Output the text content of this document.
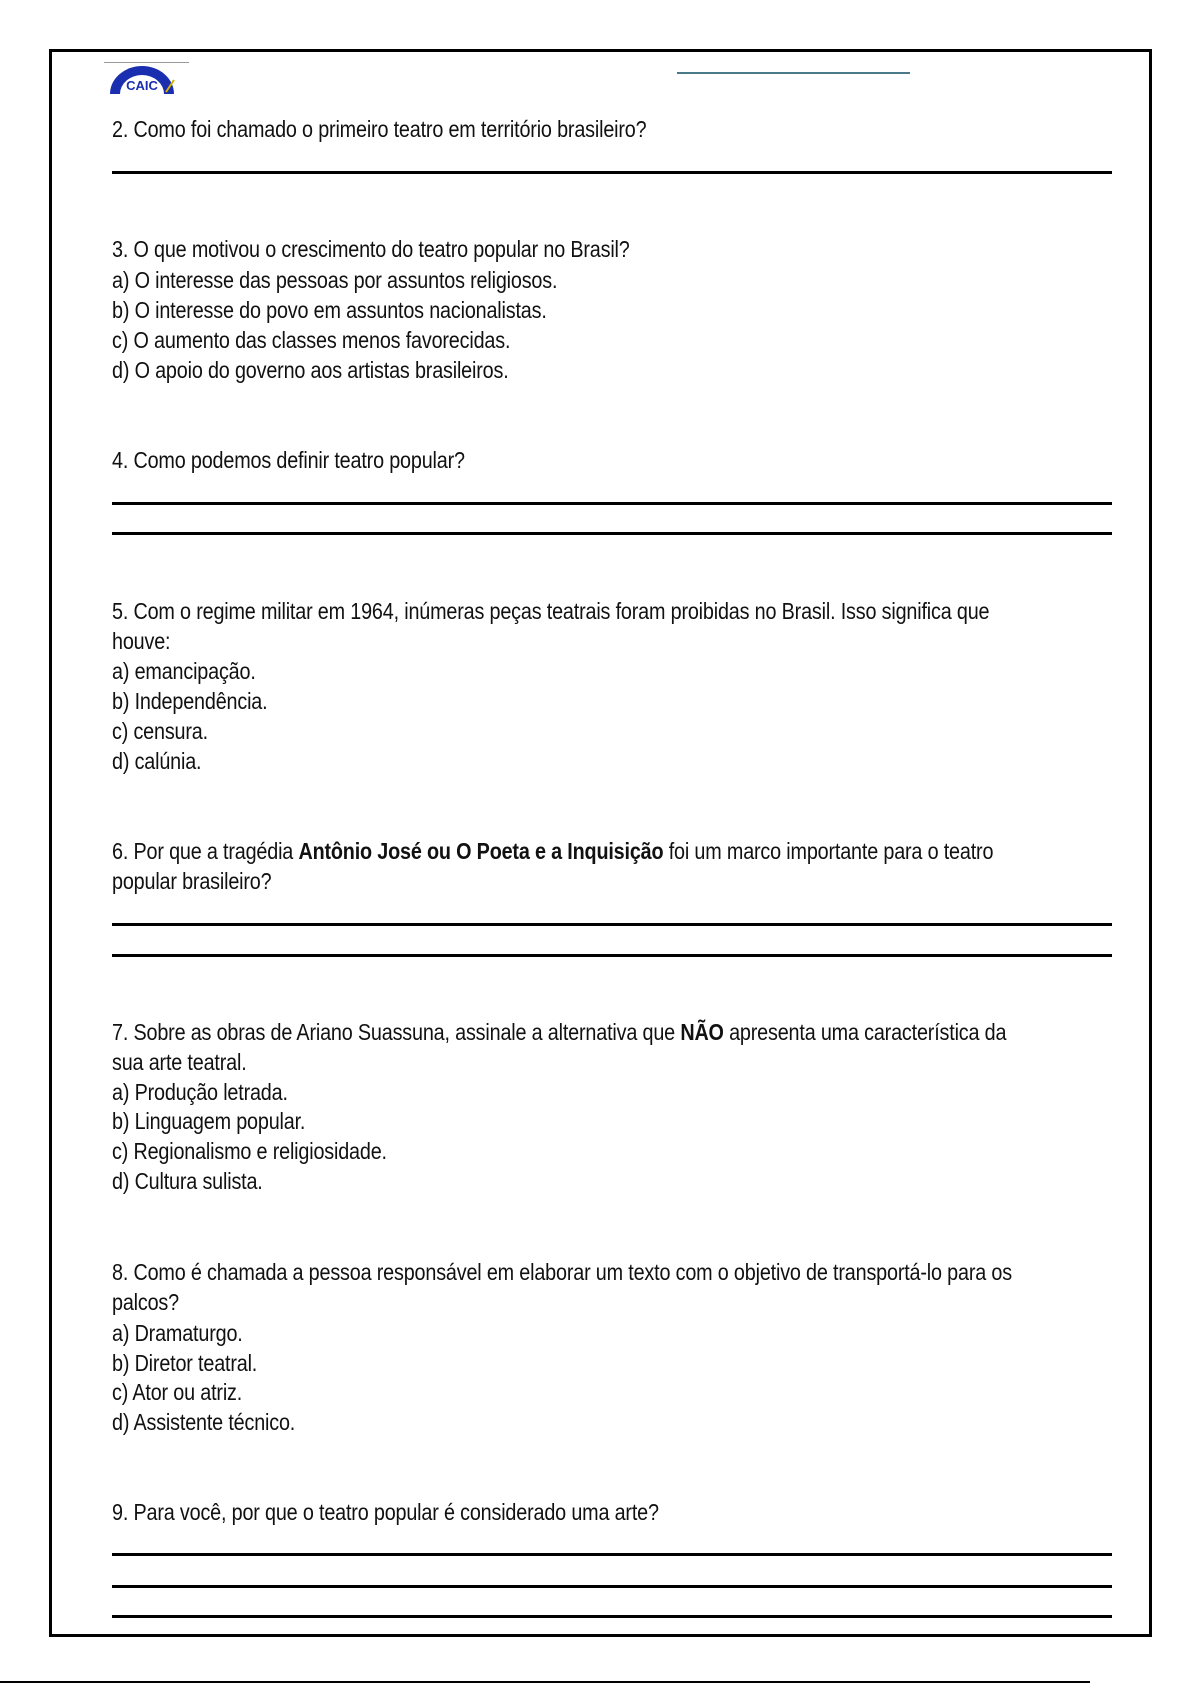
CAIC
2. Como foi chamado o primeiro teatro em território brasileiro?
3. O que motivou o crescimento do teatro popular no Brasil?
a) O interesse das pessoas por assuntos religiosos.
b) O interesse do povo em assuntos nacionalistas.
c) O aumento das classes menos favorecidas.
d) O apoio do governo aos artistas brasileiros.
4. Como podemos definir teatro popular?
5. Com o regime militar em 1964, inúmeras peças teatrais foram proibidas no Brasil. Isso significa que
houve:
a) emancipação.
b) Independência.
c) censura.
d) calúnia.
6. Por que a tragédia Antônio José ou O Poeta e a Inquisição foi um marco importante para o teatro
popular brasileiro?
7. Sobre as obras de Ariano Suassuna, assinale a alternativa que NÃO apresenta uma característica da
sua arte teatral.
a) Produção letrada.
b) Linguagem popular.
c) Regionalismo e religiosidade.
d) Cultura sulista.
8. Como é chamada a pessoa responsável em elaborar um texto com o objetivo de transportá-lo para os
palcos?
a) Dramaturgo.
b) Diretor teatral.
c) Ator ou atriz.
d) Assistente técnico.
9. Para você, por que o teatro popular é considerado uma arte?
